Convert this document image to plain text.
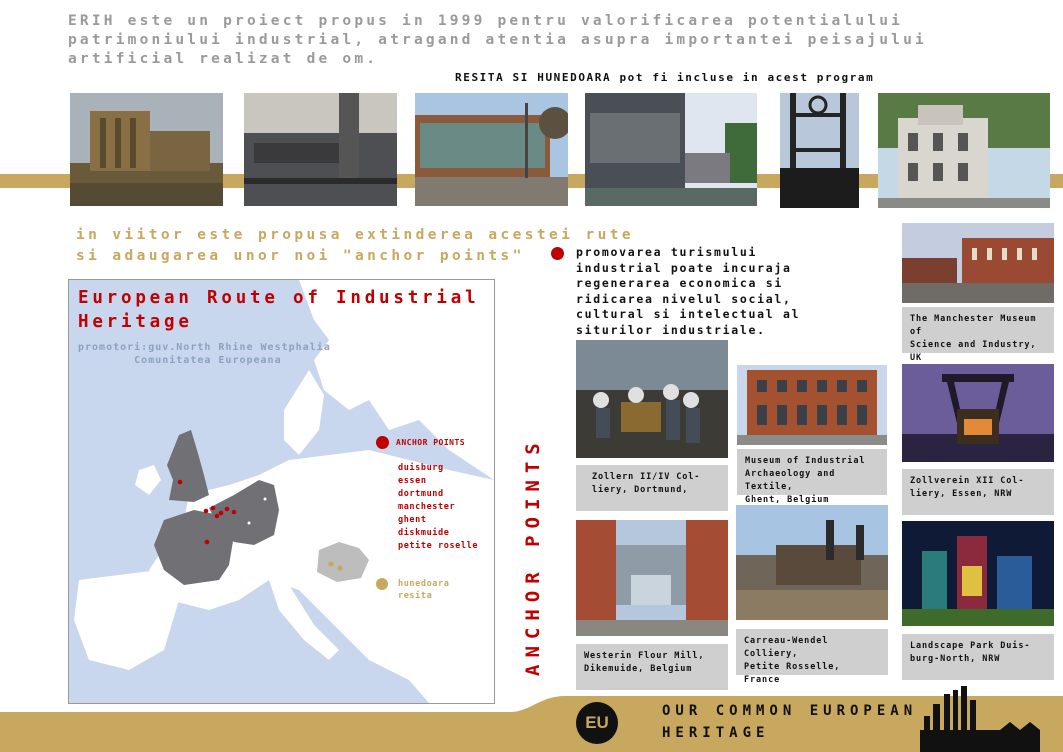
ERIH este un proiect propus in 1999 pentru valorificarea potentialului
patrimoniului industrial, atragand atentia asupra importantei peisajului
artificial realizat de om.
RESITA SI HUNEDOARA pot fi incluse in acest program
in viitor este propusa extinderea acestei rute
si adaugarea unor noi "anchor points"
European Route of Industrial
Heritage
promotori:guv.North Rhine Westphalia
Comunitatea Europeana
ANCHOR POINTS
duisburg
essen
dortmund
manchester
ghent
diskmuide
petite roselle
hunedoara
resita	ANCHOR POINTS
promovarea turismului
industrial poate incuraja
regenerarea economica si
ridicarea nivelul social,
cultural si intelectual al
siturilor industriale.
The Manchester Museum of
Science and Industry, UK
Zollern II/IV Col-
liery, Dortmund,
Museum of Industrial
Archaeology and Textile,
Ghent, Belgium
Zollverein XII Col-
liery, Essen, NRW
Westerin Flour Mill,
Dikemuide, Belgium
Carreau-Wendel Colliery,
Petite Rosselle, France
Landscape Park Duis-
burg-North, NRW
EU
OUR COMMON EUROPEAN
HERITAGE
